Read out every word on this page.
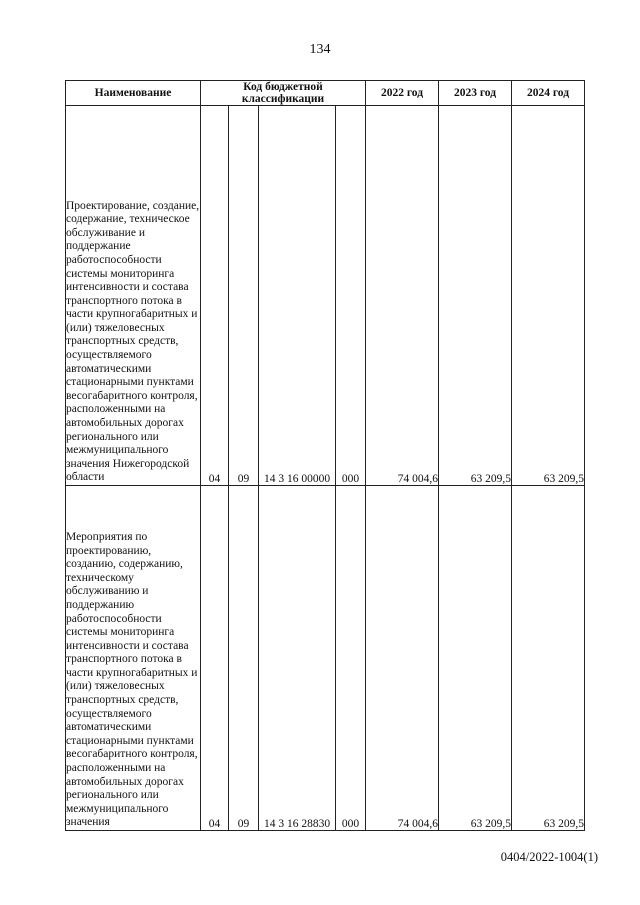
134
Наименование	Код бюджетной классификации				2022 год	2023 год	2024 год
Проектирование, создание, содержание, техническое обслуживание и поддержание работоспособности системы мониторинга интенсивности и состава транспортного потока в части крупногабаритных и (или) тяжеловесных транспортных средств, осуществляемого автоматическими стационарными пунктами весогабаритного контроля, расположенными на автомобильных дорогах регионального или межмуниципального значения Нижегородской области	04	09	14 3 16 00000	000	74 004,6	63 209,5	63 209,5
Мероприятия по проектированию, созданию, содержанию, техническому обслуживанию и поддержанию работоспособности системы мониторинга интенсивности и состава транспортного потока в части крупногабаритных и (или) тяжеловесных транспортных средств, осуществляемого автоматическими стационарными пунктами весогабаритного контроля, расположенными на автомобильных дорогах регионального или межмуниципального значения	04	09	14 3 16 28830	000	74 004,6	63 209,5	63 209,5
0404/2022-1004(1)
